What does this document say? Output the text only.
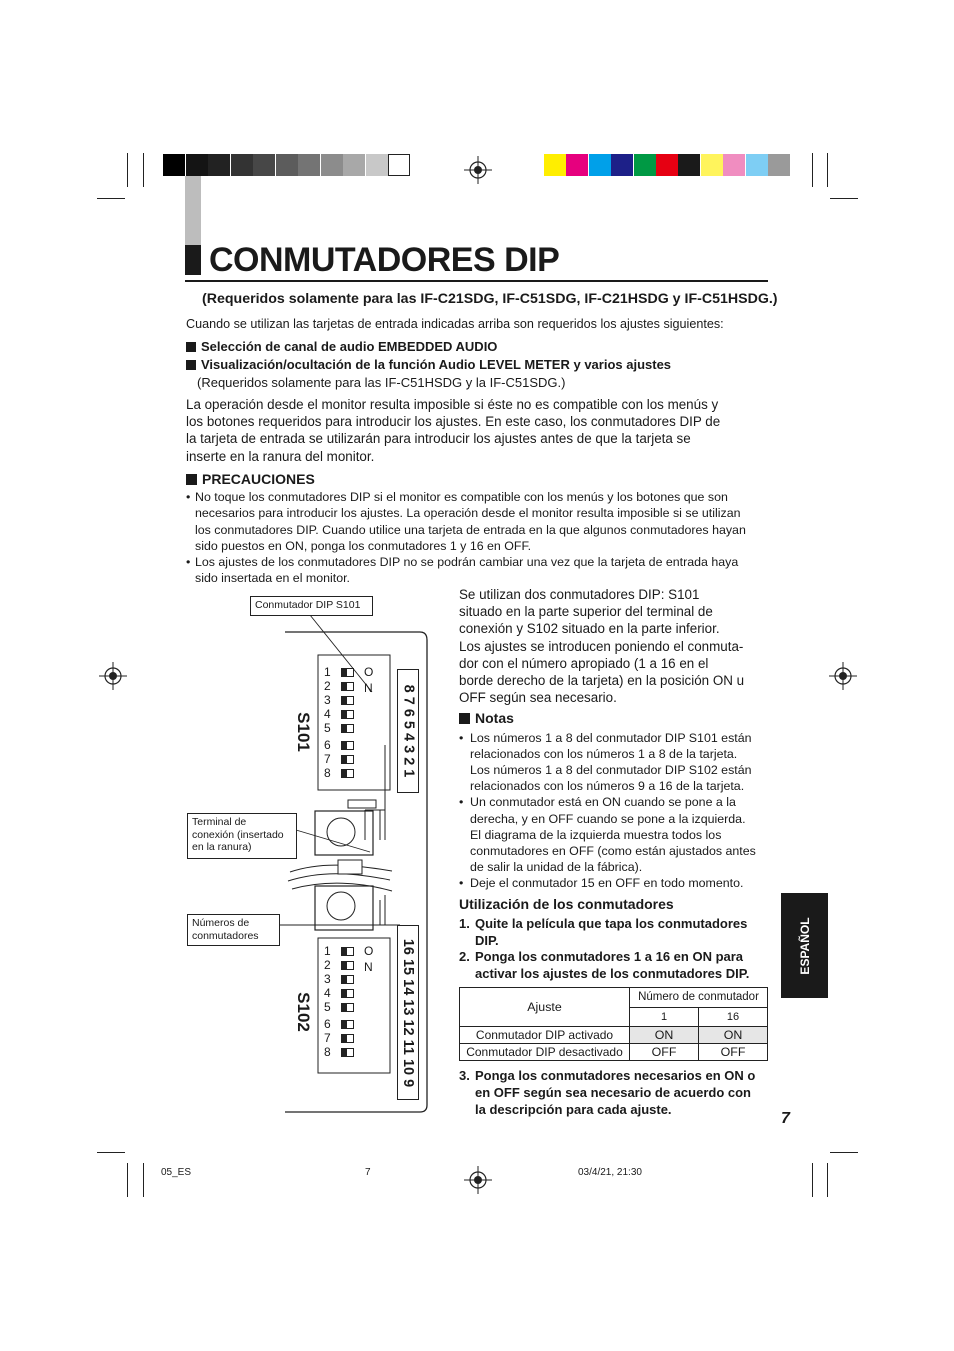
CONMUTADORES DIP
(Requeridos solamente para las IF-C21SDG, IF-C51SDG, IF-C21HSDG y IF-C51HSDG.)
Cuando se utilizan las tarjetas de entrada indicadas arriba son requeridos los ajustes siguientes:
Selección de canal de audio EMBEDDED AUDIO
Visualización/ocultación de la función Audio LEVEL METER y varios ajustes
(Requeridos solamente para las IF-C51HSDG y la IF-C51SDG.)
La operación desde el monitor resulta imposible si éste no es compatible con los menús y
los botones requeridos para introducir los ajustes. En este caso, los conmutadores DIP de
la tarjeta de entrada se utilizarán para introducir los ajustes antes de que la tarjeta se
inserte en la ranura del monitor.
PRECAUCIONES
• No toque los conmutadores DIP si el monitor es compatible con los menús y los botones que son
necesarios para introducir los ajustes. La operación desde el monitor resulta imposible si se utilizan
los conmutadores DIP. Cuando utilice una tarjeta de entrada en la que algunos conmutadores hayan
sido puestos en ON, ponga los conmutadores 1 y 16 en OFF.
• Los ajustes de los conmutadores DIP no se podrán cambiar una vez que la tarjeta de entrada haya
sido insertada en el monitor.
Conmutador DIP S101
Terminal de
conexión (insertado
en la ranura)
Números de
conmutadores
1
2
3
4
5
6
7
8
O
N
1
2
3
4
5
6
7
8
O
N
S101
S102
8 7 6 5 4 3 2 1
16 15 14 13 12 11 10 9
Se utilizan dos conmutadores DIP: S101
situado en la parte superior del terminal de
conexión y S102 situado en la parte inferior.
Los ajustes se introducen poniendo el conmuta-
dor con el número apropiado (1 a 16 en el
borde derecho de la tarjeta) en la posición ON u
OFF según sea necesario.
Notas
• Los números 1 a 8 del conmutador DIP S101 están
relacionados con los números 1 a 8 de la tarjeta.
Los números 1 a 8 del conmutador DIP S102 están
relacionados con los números 9 a 16 de la tarjeta.
• Un conmutador está en ON cuando se pone a la
derecha, y en OFF cuando se pone a la izquierda.
El diagrama de la izquierda muestra todos los
conmutadores en OFF (como están ajustados antes
de salir la unidad de la fábrica).
• Deje el conmutador 15 en OFF en todo momento.
Utilización de los conmutadores
1. Quite la película que tapa los conmutadores
DIP.
2. Ponga los conmutadores 1 a 16 en ON para
activar los ajustes de los conmutadores DIP.
Ajuste	Número de conmutador	
	1	16
Conmutador DIP activado	ON	ON
Conmutador DIP desactivado	OFF	OFF
3. Ponga los conmutadores necesarios en ON o
en OFF según sea necesario de acuerdo con
la descripción para cada ajuste.
ESPAÑOL
7
05_ES	7	03/4/21, 21:30
